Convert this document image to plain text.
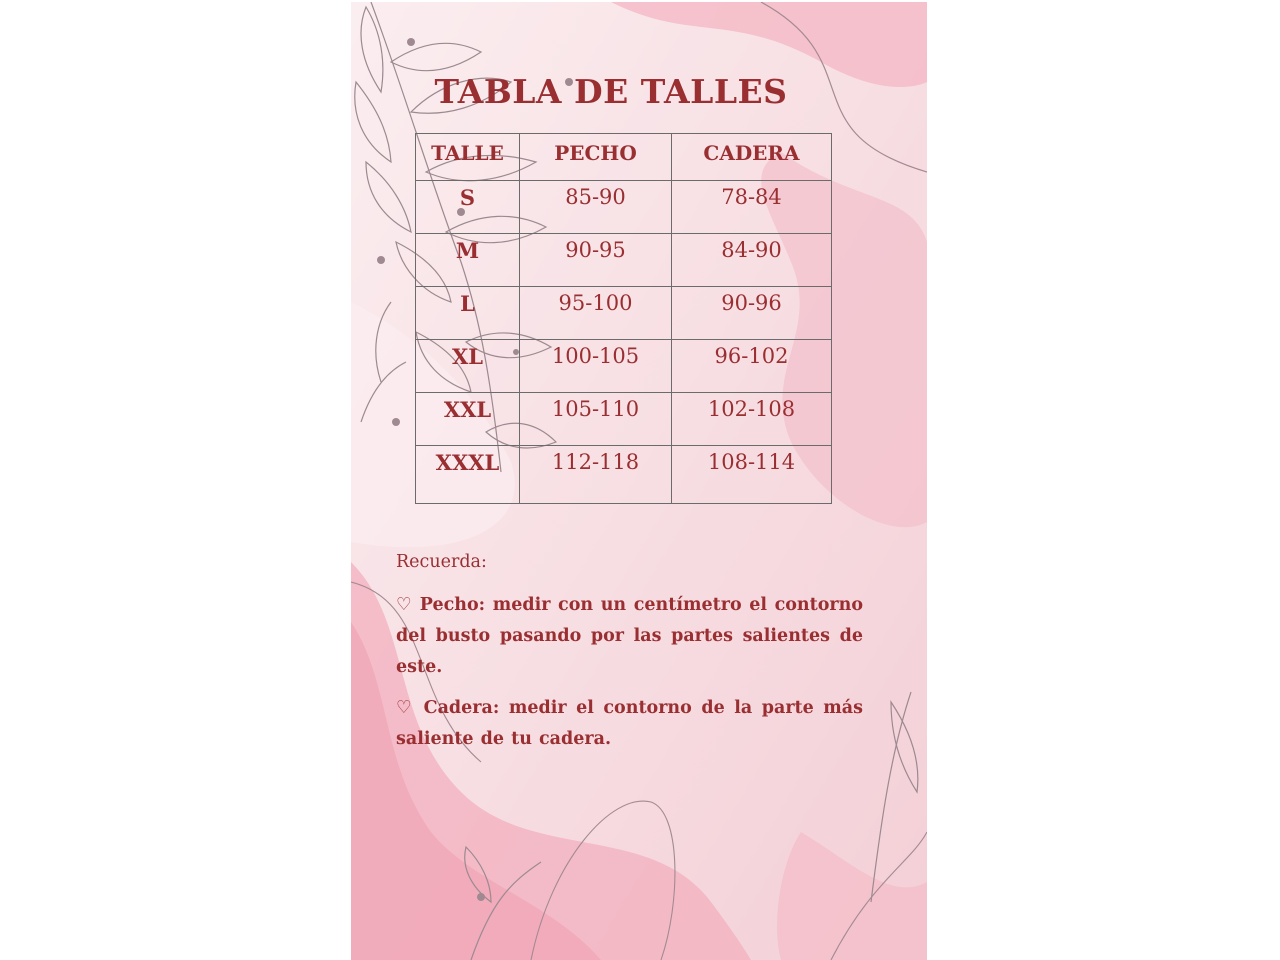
TABLA DE TALLES
TALLE	PECHO	CADERA
S	85-90	78-84
M	90-95	84-90
L	95-100	90-96
XL	100-105	96-102
XXL	105-110	102-108
XXXL	112-118	108-114

Recuerda:

♡ Pecho: medir con un centímetro el contorno del busto pasando por las partes salientes de este.

♡ Cadera: medir el contorno de la parte más saliente de tu cadera.
